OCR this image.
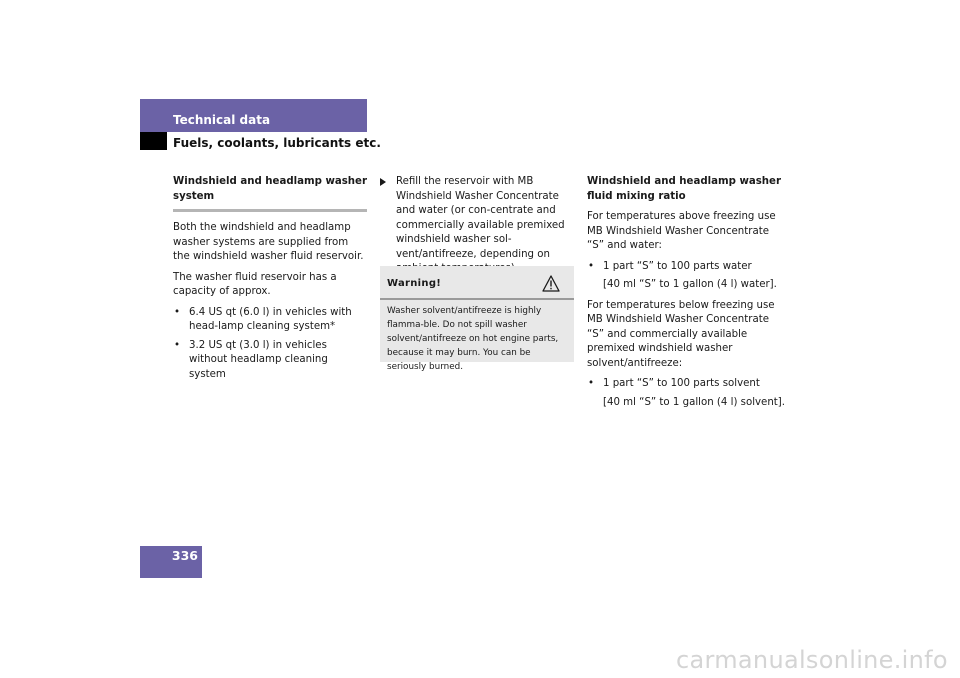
Technical data
Fuels, coolants, lubricants etc.

Windshield and headlamp washer system

Both the windshield and headlamp washer systems are supplied from the windshield washer fluid reservoir.

The washer fluid reservoir has a capacity of approx.

• 6.4 US qt (6.0 l) in vehicles with head-lamp cleaning system*
• 3.2 US qt (3.0 l) in vehicles without headlamp cleaning system

Refill the reservoir with MB Windshield Washer Concentrate and water (or con-centrate and commercially available premixed windshield washer sol-vent/antifreeze, depending on

Warning!
Washer solvent/antifreeze is highly flamma-ble. Do not spill washer solvent/antifreeze on hot engine parts, because it may burn. You can be seriously burned.

Windshield and headlamp washer fluid mixing ratio

For temperatures above freezing use MB Windshield Washer Concentrate “S” and water:

• 1 part “S” to 100 parts water

[40 ml “S” to 1 gallon (4 l) water].

For temperatures below freezing use MB Windshield Washer Concentrate “S” and commercially available premixed windshield washer solvent/antifreeze:

• 1 part “S” to 100 parts solvent

[40 ml “S” to 1 gallon (4 l) solvent].

336
carmanualsonline.info
